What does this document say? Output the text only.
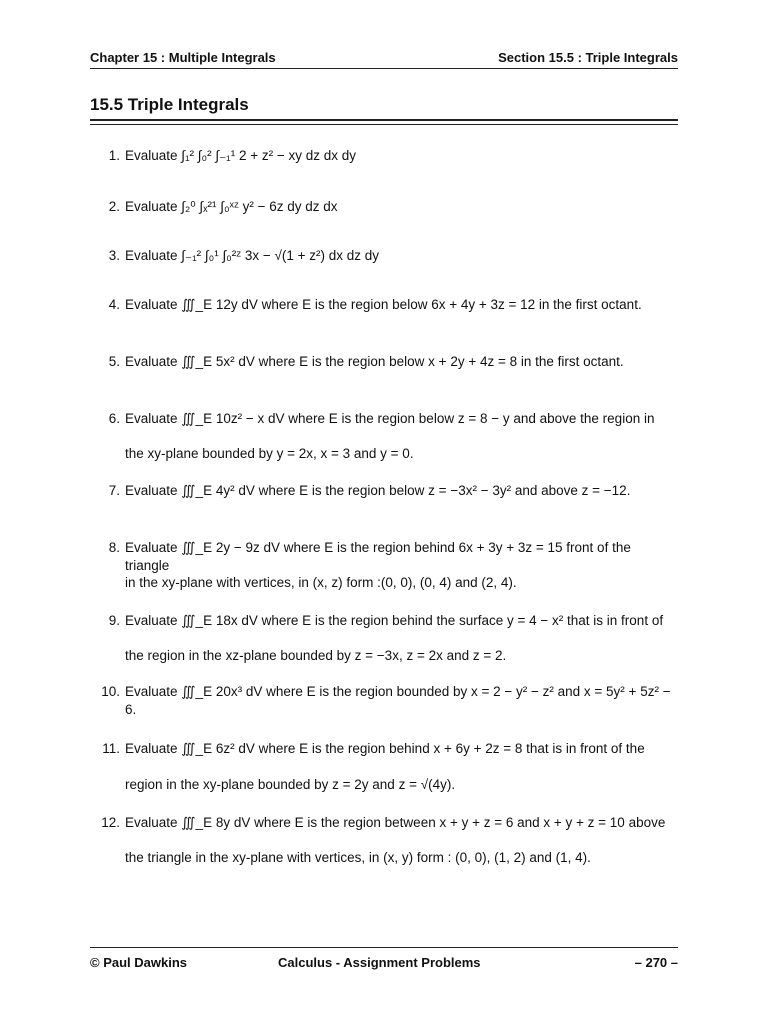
Chapter 15 : Multiple Integrals	Section 15.5 : Triple Integrals
15.5 Triple Integrals
1. Evaluate ∫₁² ∫₀² ∫₋₁¹ 2 + z² − xy dz dx dy
2. Evaluate ∫₂⁰ ∫ₓ²¹ ∫₀ˣᶻ y² − 6z dy dz dx
3. Evaluate ∫₋₁² ∫₀¹ ∫₀²ᶻ 3x − √(1 + z²) dx dz dy
4. Evaluate ∭_E 12y dV where E is the region below 6x + 4y + 3z = 12 in the first octant.
5. Evaluate ∭_E 5x² dV where E is the region below x + 2y + 4z = 8 in the first octant.
6. Evaluate ∭_E 10z² − x dV where E is the region below z = 8 − y and above the region in
the xy-plane bounded by y = 2x, x = 3 and y = 0.
7. Evaluate ∭_E 4y² dV where E is the region below z = −3x² − 3y² and above z = −12.
8. Evaluate ∭_E 2y − 9z dV where E is the region behind 6x + 3y + 3z = 15 front of the triangle
in the xy-plane with vertices, in (x, z) form :(0, 0), (0, 4) and (2, 4).
9. Evaluate ∭_E 18x dV where E is the region behind the surface y = 4 − x² that is in front of
the region in the xz-plane bounded by z = −3x, z = 2x and z = 2.
10. Evaluate ∭_E 20x³ dV where E is the region bounded by x = 2 − y² − z² and x = 5y² + 5z² − 6.
11. Evaluate ∭_E 6z² dV where E is the region behind x + 6y + 2z = 8 that is in front of the
region in the xy-plane bounded by z = 2y and z = √(4y).
12. Evaluate ∭_E 8y dV where E is the region between x + y + z = 6 and x + y + z = 10 above
the triangle in the xy-plane with vertices, in (x, y) form : (0, 0), (1, 2) and (1, 4).
© Paul Dawkins	Calculus - Assignment Problems	– 270 –
